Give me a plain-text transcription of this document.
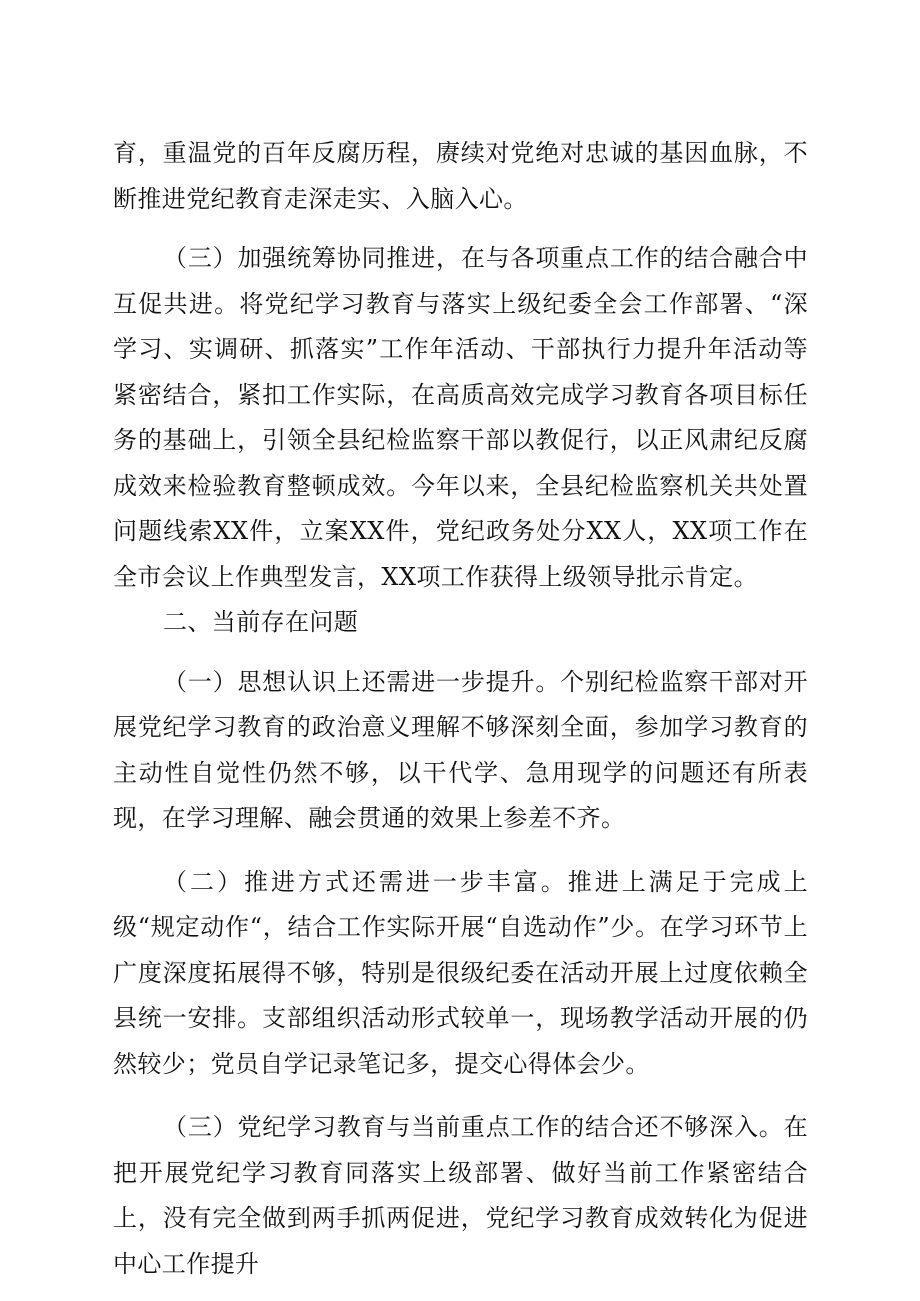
育，重温党的百年反腐历程，赓续对党绝对忠诚的基因血脉，不断推进党纪教育走深走实、入脑入心。

（三）加强统筹协同推进，在与各项重点工作的结合融合中互促共进。将党纪学习教育与落实上级纪委全会工作部署、“深学习、实调研、抓落实”工作年活动、干部执行力提升年活动等紧密结合，紧扣工作实际，在高质高效完成学习教育各项目标任务的基础上，引领全县纪检监察干部以教促行，以正风肃纪反腐成效来检验教育整顿成效。今年以来，全县纪检监察机关共处置问题线索XX件，立案XX件，党纪政务处分XX人，XX项工作在全市会议上作典型发言，XX项工作获得上级领导批示肯定。

二、当前存在问题

（一）思想认识上还需进一步提升。个别纪检监察干部对开展党纪学习教育的政治意义理解不够深刻全面，参加学习教育的主动性自觉性仍然不够，以干代学、急用现学的问题还有所表现，在学习理解、融会贯通的效果上参差不齐。

（二）推进方式还需进一步丰富。推进上满足于完成上级“规定动作“，结合工作实际开展“自选动作”少。在学习环节上广度深度拓展得不够，特别是很级纪委在活动开展上过度依赖全县统一安排。支部组织活动形式较单一，现场教学活动开展的仍然较少；党员自学记录笔记多，提交心得体会少。

（三）党纪学习教育与当前重点工作的结合还不够深入。在把开展党纪学习教育同落实上级部署、做好当前工作紧密结合上，没有完全做到两手抓两促进，党纪学习教育成效转化为促进中心工作提升
